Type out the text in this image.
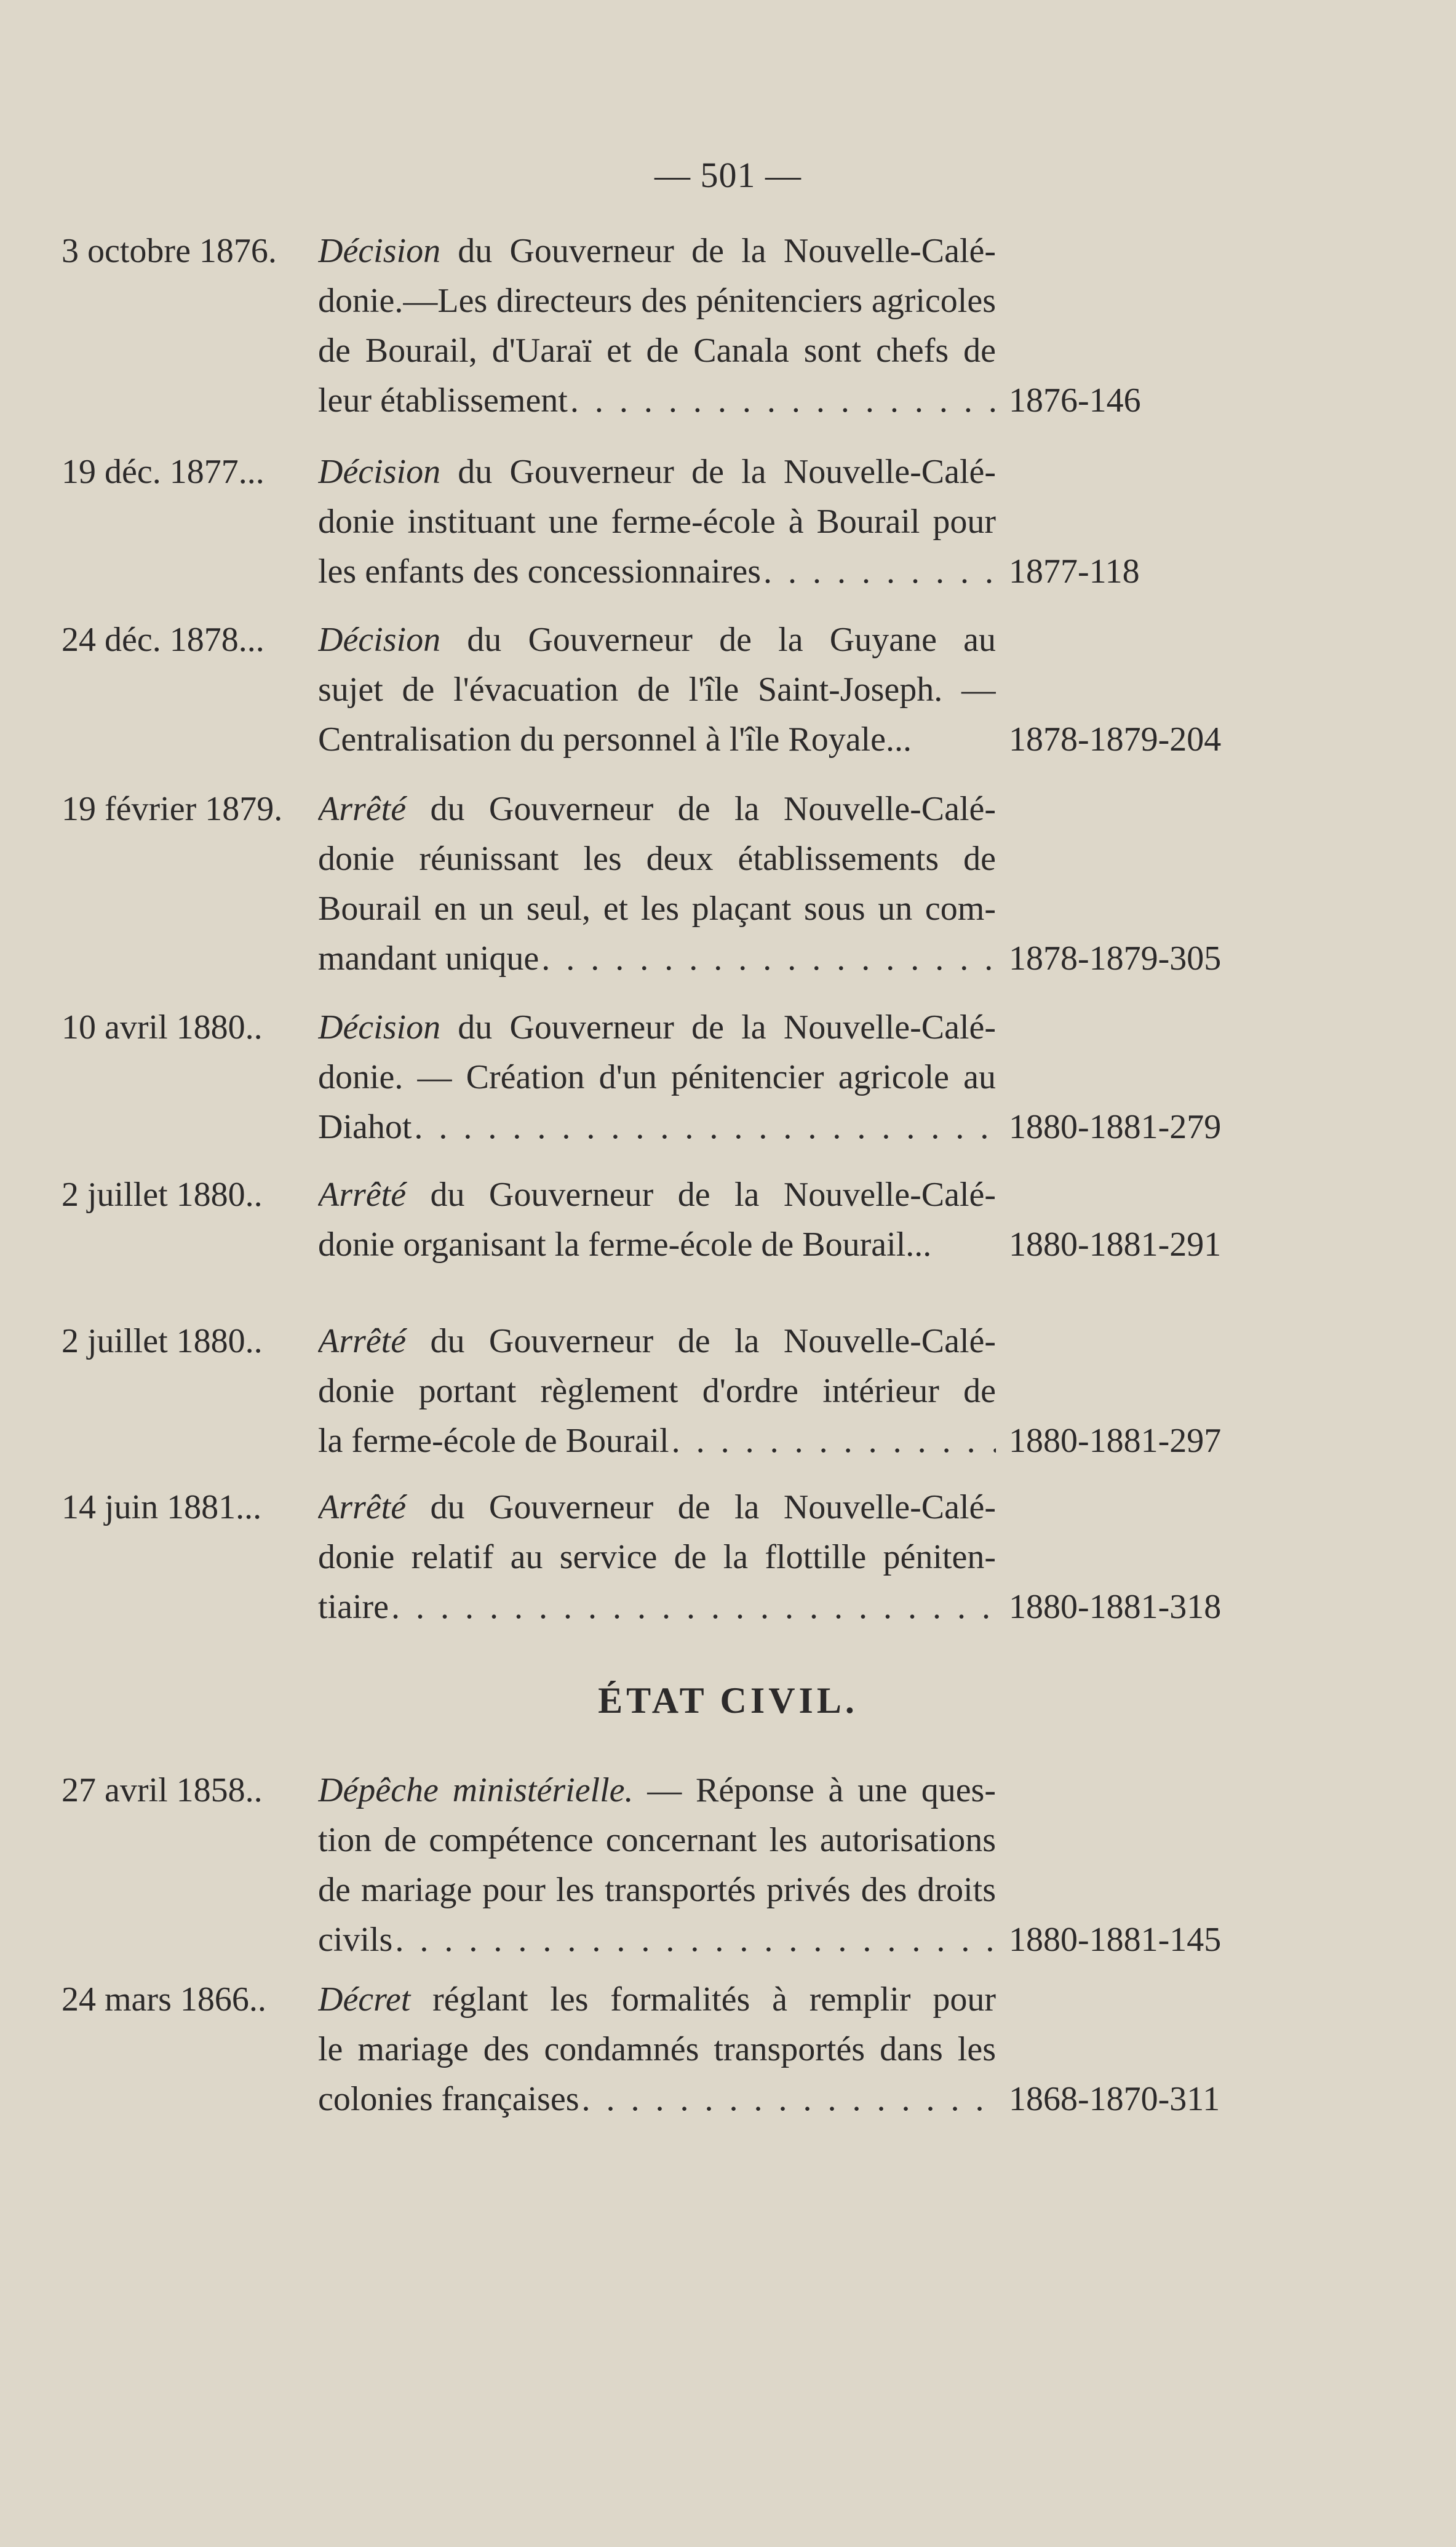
— 501 —
3 octobre 1876. Décision du Gouverneur de la Nouvelle-Calé-
donie.—Les directeurs des pénitenciers agricoles
de Bourail, d'Uaraï et de Canala sont chefs de
leur établissement . . .	1876-146
19 déc. 1877... Décision du Gouverneur de la Nouvelle-Calé-
donie instituant une ferme-école à Bourail pour
les enfants des concessionnaires . . .	1877-118
24 déc. 1878... Décision du Gouverneur de la Guyane au
sujet de l'évacuation de l'île Saint-Joseph. —
Centralisation du personnel à l'île Royale...	1878-1879-204
19 février 1879. Arrêté du Gouverneur de la Nouvelle-Calé-
donie réunissant les deux établissements de
Bourail en un seul, et les plaçant sous un com-
mandant unique . . .	1878-1879-305
10 avril 1880.. Décision du Gouverneur de la Nouvelle-Calé-
donie. — Création d'un pénitencier agricole au
Diahot . . .	1880-1881-279
2 juillet 1880.. Arrêté du Gouverneur de la Nouvelle-Calé-
donie organisant la ferme-école de Bourail...	1880-1881-291
2 juillet 1880.. Arrêté du Gouverneur de la Nouvelle-Calé-
donie portant règlement d'ordre intérieur de
la ferme-école de Bourail . . .	1880-1881-297
14 juin 1881... Arrêté du Gouverneur de la Nouvelle-Calé-
donie relatif au service de la flottille péniten-
tiaire . . .	1880-1881-318
ÉTAT CIVIL.
27 avril 1858.. Dépêche ministérielle. — Réponse à une ques-
tion de compétence concernant les autorisations
de mariage pour les transportés privés des droits
civils . . .	1880-1881-145
24 mars 1866.. Décret réglant les formalités à remplir pour
le mariage des condamnés transportés dans les
colonies françaises . . .	1868-1870-311
